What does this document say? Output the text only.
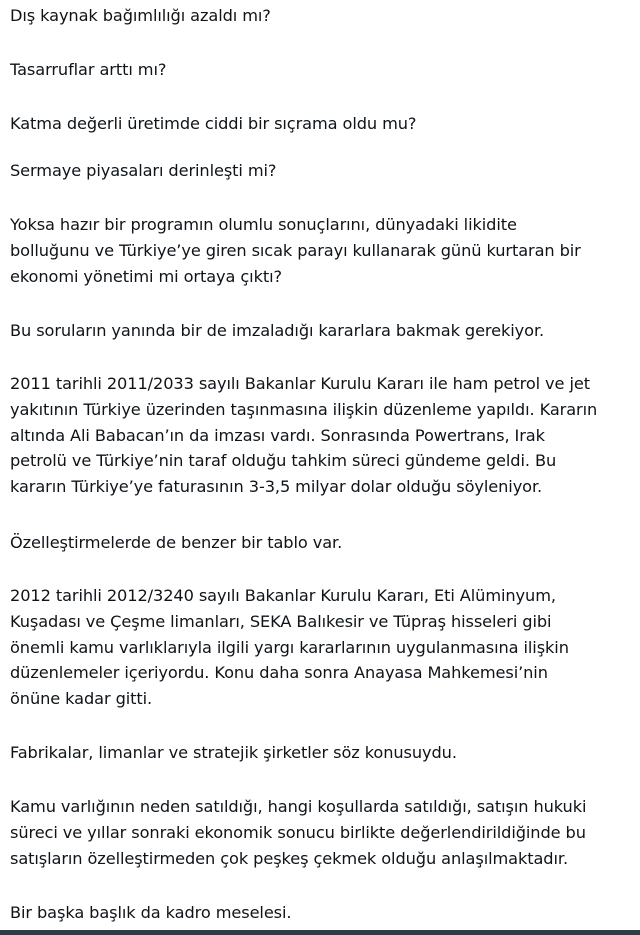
Dış kaynak bağımlılığı azaldı mı?

Tasarruflar arttı mı?

Katma değerli üretimde ciddi bir sıçrama oldu mu?

Sermaye piyasaları derinleşti mi?

Yoksa hazır bir programın olumlu sonuçlarını, dünyadaki likidite
bolluğunu ve Türkiye’ye giren sıcak parayı kullanarak günü kurtaran bir
ekonomi yönetimi mi ortaya çıktı?

Bu soruların yanında bir de imzaladığı kararlara bakmak gerekiyor.

2011 tarihli 2011/2033 sayılı Bakanlar Kurulu Kararı ile ham petrol ve jet
yakıtının Türkiye üzerinden taşınmasına ilişkin düzenleme yapıldı. Kararın
altında Ali Babacan’ın da imzası vardı. Sonrasında Powertrans, Irak
petrolü ve Türkiye’nin taraf olduğu tahkim süreci gündeme geldi. Bu
kararın Türkiye’ye faturasının 3-3,5 milyar dolar olduğu söyleniyor.

Özelleştirmelerde de benzer bir tablo var.

2012 tarihli 2012/3240 sayılı Bakanlar Kurulu Kararı, Eti Alüminyum,
Kuşadası ve Çeşme limanları, SEKA Balıkesir ve Tüpraş hisseleri gibi
önemli kamu varlıklarıyla ilgili yargı kararlarının uygulanmasına ilişkin
düzenlemeler içeriyordu. Konu daha sonra Anayasa Mahkemesi’nin
önüne kadar gitti.

Fabrikalar, limanlar ve stratejik şirketler söz konusuydu.

Kamu varlığının neden satıldığı, hangi koşullarda satıldığı, satışın hukuki
süreci ve yıllar sonraki ekonomik sonucu birlikte değerlendirildiğinde bu
satışların özelleştirmeden çok peşkeş çekmek olduğu anlaşılmaktadır.

Bir başka başlık da kadro meselesi.
